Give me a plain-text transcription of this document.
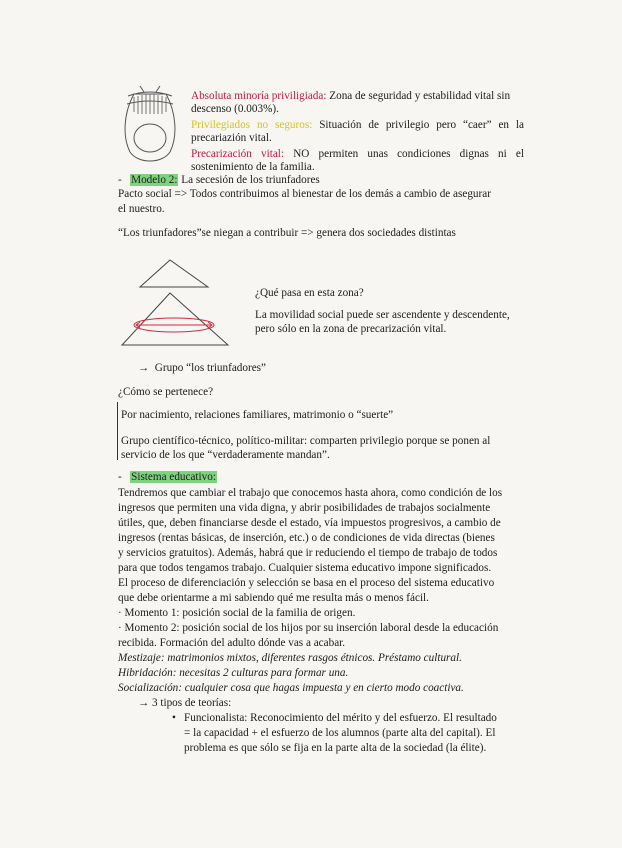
Absoluta minoría priviligiada: Zona de seguridad y estabilidad vital sin
descenso (0.003%).
Privilegiados no seguros: Situación de privilegio pero “caer” en la
precariazión vital.
Precarización vital: NO permiten unas condiciones dignas ni el
sostenimiento de la familia.
- Modelo 2: La secesión de los triunfadores
Pacto social => Todos contribuimos al bienestar de los demás a cambio de asegurar
el nuestro.
“Los triunfadores”se niegan a contribuir => genera dos sociedades distintas
¿Qué pasa en esta zona?
La movilidad social puede ser ascendente y descendente,
pero sólo en la zona de precarización vital.
→ Grupo “los triunfadores”
¿Cómo se pertenece?
Por nacimiento, relaciones familiares, matrimonio o “suerte”
Grupo científico-técnico, político-militar: comparten privilegio porque se ponen al
servicio de los que “verdaderamente mandan”.
- Sistema educativo:
Tendremos que cambiar el trabajo que conocemos hasta ahora, como condición de los
ingresos que permiten una vida digna, y abrir posibilidades de trabajos socialmente
útiles, que, deben financiarse desde el estado, vía impuestos progresivos, a cambio de
ingresos (rentas básicas, de inserción, etc.) o de condiciones de vida directas (bienes
y servicios gratuitos). Además, habrá que ir reduciendo el tiempo de trabajo de todos
para que todos tengamos trabajo. Cualquier sistema educativo impone significados.
El proceso de diferenciación y selección se basa en el proceso del sistema educativo
que debe orientarme a mi sabiendo qué me resulta más o menos fácil.
· Momento 1: posición social de la familia de origen.
· Momento 2: posición social de los hijos por su inserción laboral desde la educación
recibida. Formación del adulto dónde vas a acabar.
Mestizaje: matrimonios mixtos, diferentes rasgos étnicos. Préstamo cultural.
Hibridación: necesitas 2 culturas para formar una.
Socialización: cualquier cosa que hagas impuesta y en cierto modo coactiva.
→ 3 tipos de teorías:
• Funcionalista: Reconocimiento del mérito y del esfuerzo. El resultado
= la capacidad + el esfuerzo de los alumnos (parte alta del capital). El
problema es que sólo se fija en la parte alta de la sociedad (la élite).
